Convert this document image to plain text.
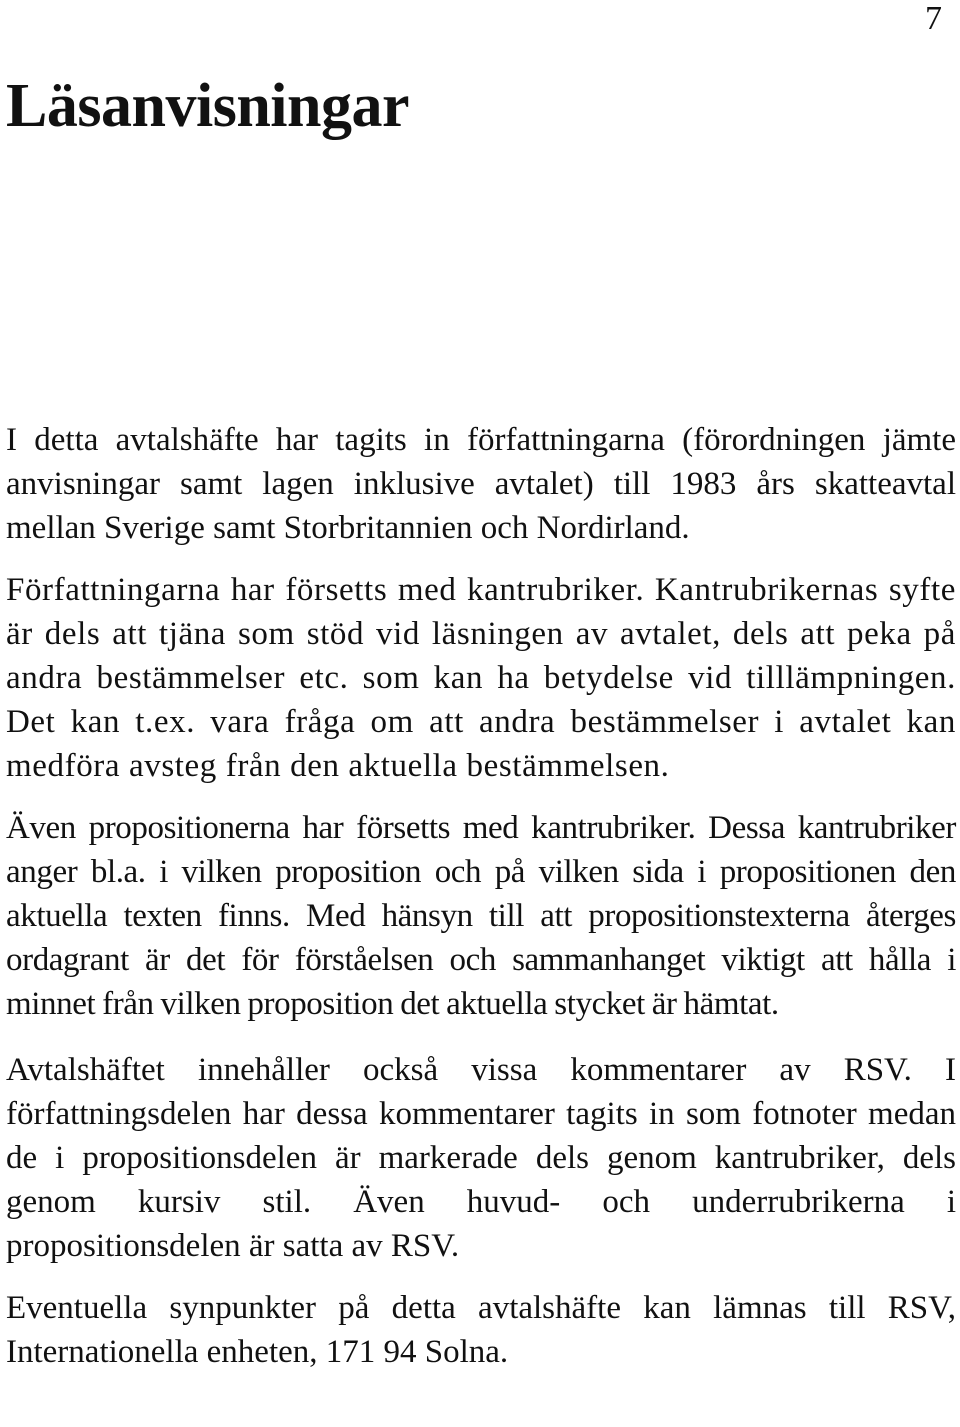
7
Läsanvisningar

I detta avtalshäfte har tagits in författningarna (förordningen jämte anvisningar samt lagen inklusive avtalet) till 1983 års skatteavtal mellan Sverige samt Storbritannien och Nordirland.

Författningarna har försetts med kantrubriker. Kantrubrikernas syfte är dels att tjäna som stöd vid läsningen av avtalet, dels att peka på andra bestämmelser etc. som kan ha betydelse vid tilllämpningen. Det kan t.ex. vara fråga om att andra bestämmelser i avtalet kan medföra avsteg från den aktuella bestämmelsen.

Även propositionerna har försetts med kantrubriker. Dessa kantrubriker anger bl.a. i vilken proposition och på vilken sida i propositionen den aktuella texten finns. Med hänsyn till att propositionstexterna återges ordagrant är det för förståelsen och sammanhanget viktigt att hålla i minnet från vilken proposition det aktuella stycket är hämtat.

Avtalshäftet innehåller också vissa kommentarer av RSV. I författningsdelen har dessa kommentarer tagits in som fotnoter medan de i propositionsdelen är markerade dels genom kantrubriker, dels genom kursiv stil. Även huvud- och underrubrikerna i propositionsdelen är satta av RSV.

Eventuella synpunkter på detta avtalshäfte kan lämnas till RSV, Internationella enheten, 171 94 Solna.
